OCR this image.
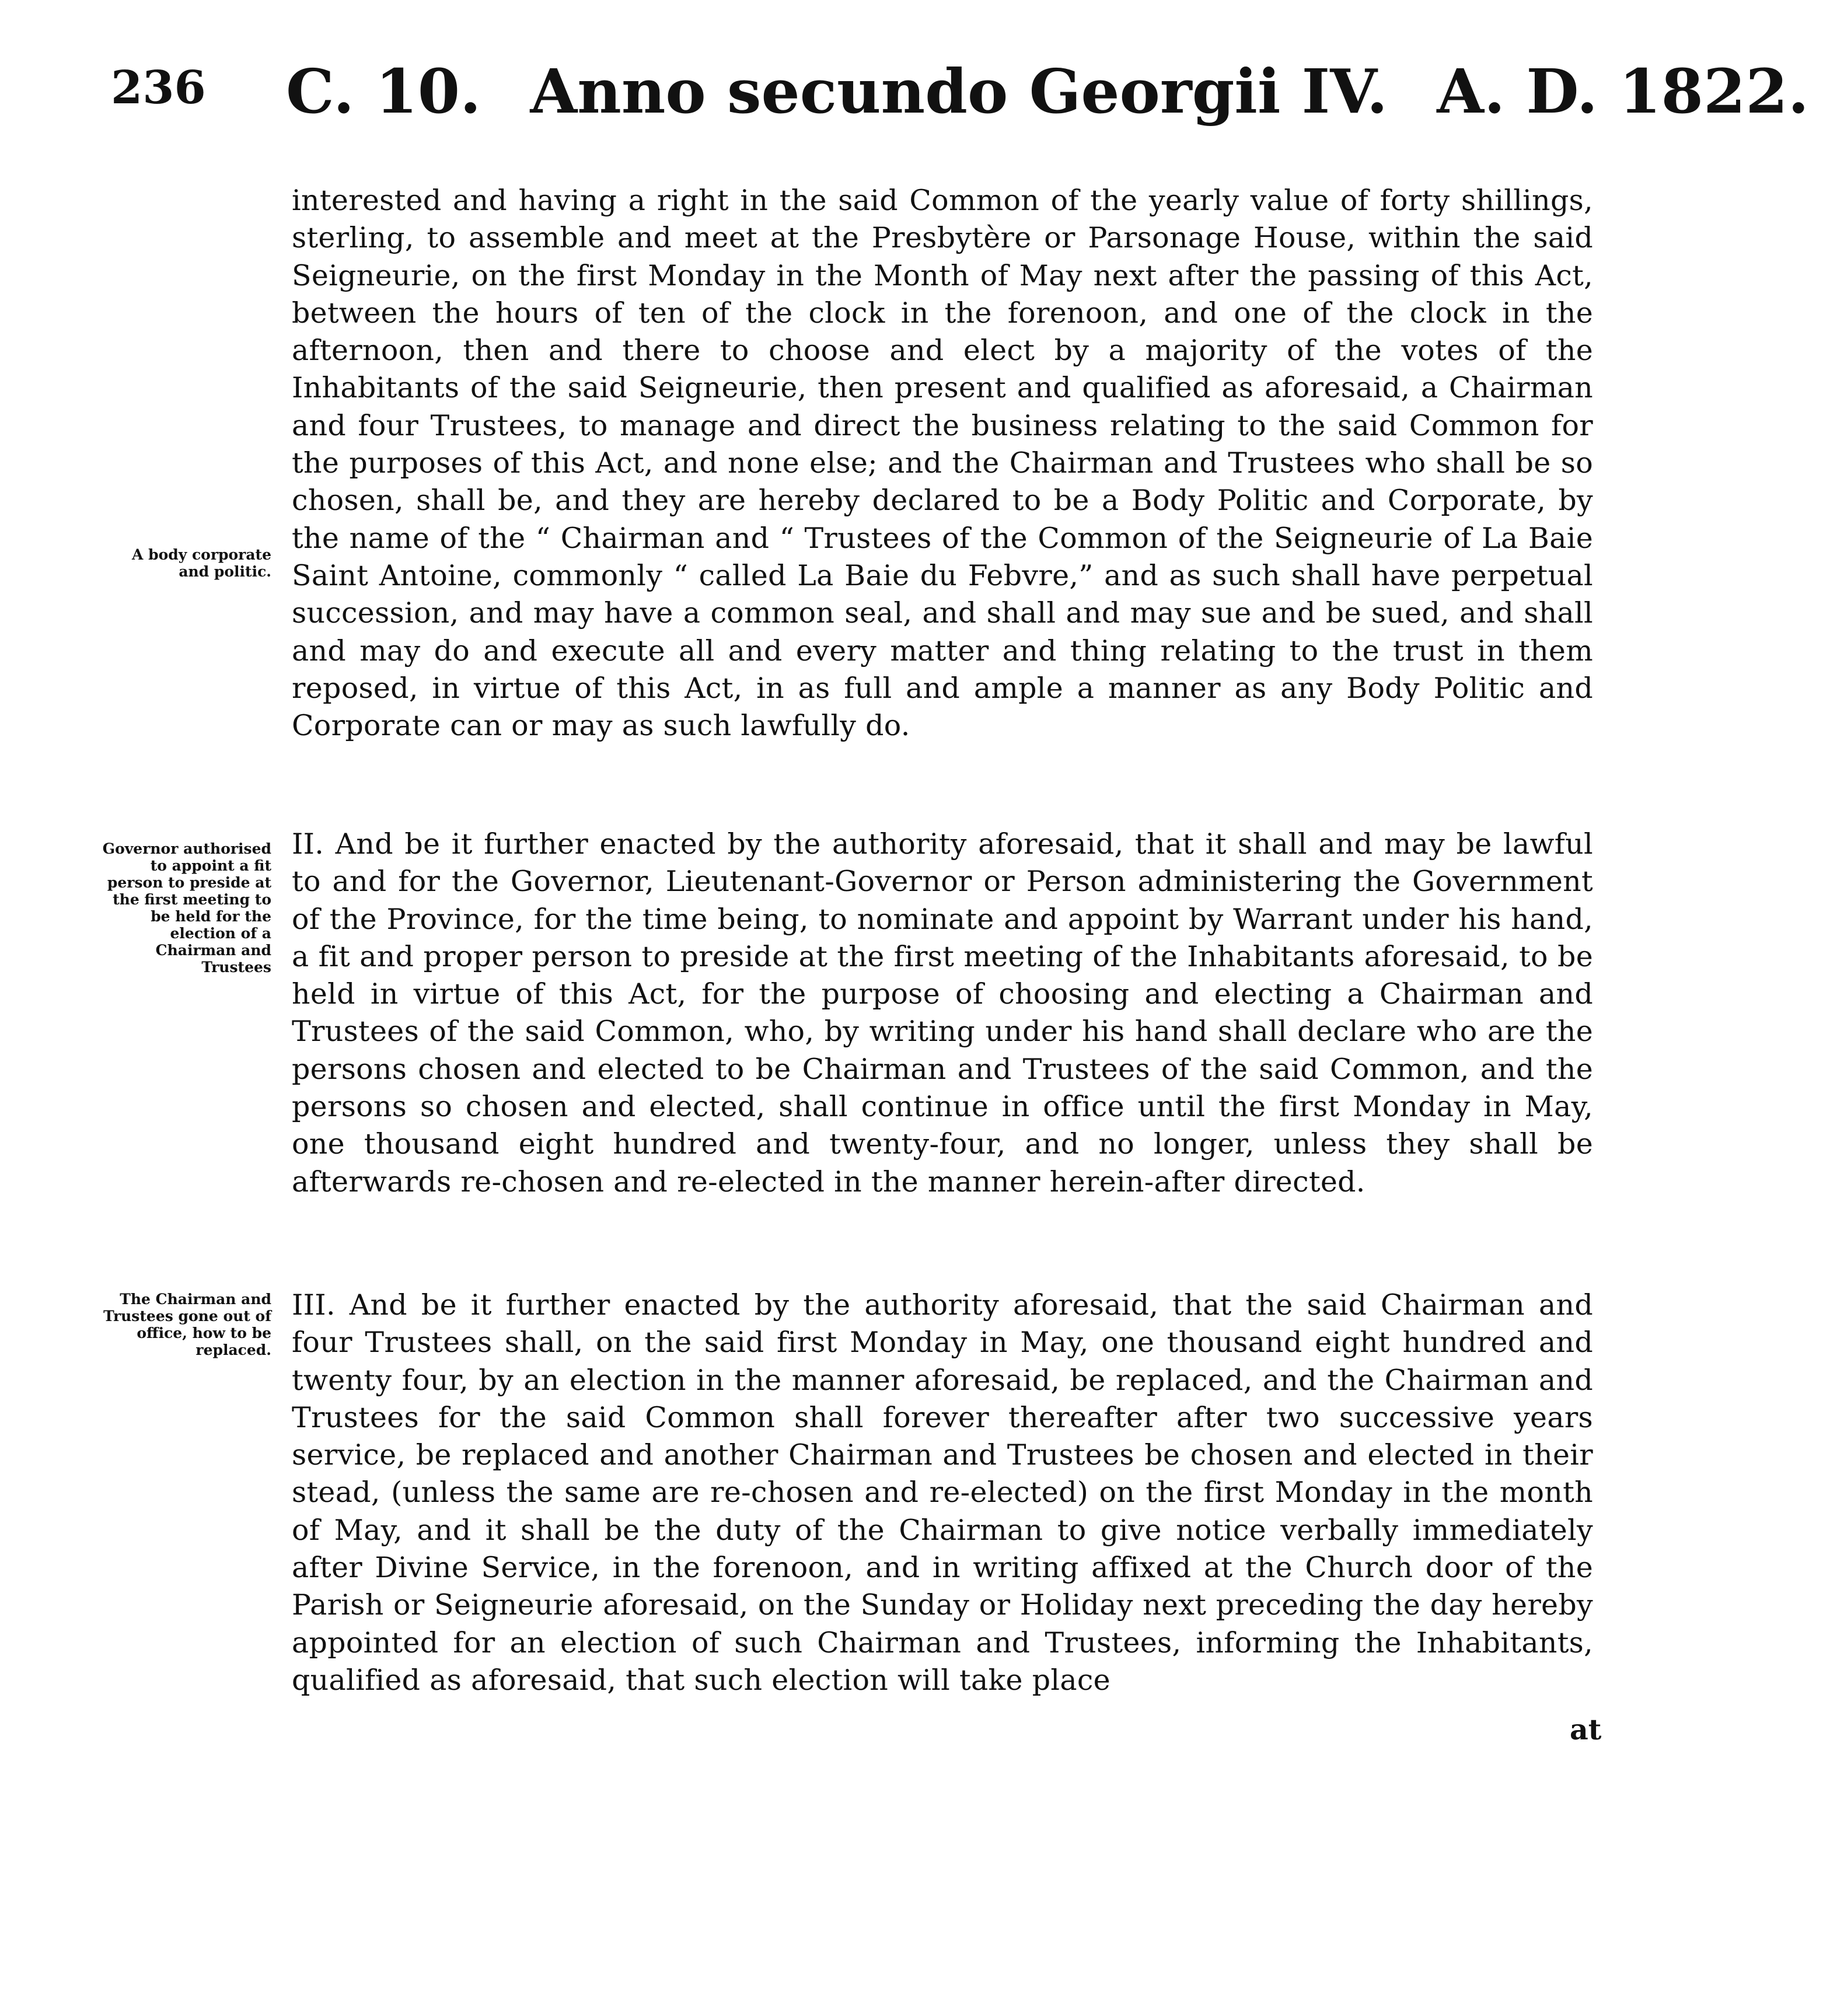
236 C. 10. Anno secundo Georgii IV. A. D. 1822.
A body corporate and politic.
interested and having a right in the said Common of the yearly value of forty shillings, sterling, to assemble and meet at the Presbytère or Parsonage House, within the said Seigneurie, on the first Monday in the Month of May next after the passing of this Act, between the hours of ten of the clock in the forenoon, and one of the clock in the afternoon, then and there to choose and elect by a majority of the votes of the Inhabitants of the said Seigneurie, then present and qualified as aforesaid, a Chairman and four Trustees, to manage and direct the business relating to the said Common for the purposes of this Act, and none else; and the Chairman and Trustees who shall be so chosen, shall be, and they are hereby declared to be a Body Politic and Corporate, by the name of the “ Chairman and “ Trustees of the Common of the Seigneurie of La Baie Saint Antoine, commonly “ called La Baie du Febvre,” and as such shall have perpetual succession, and may have a common seal, and shall and may sue and be sued, and shall and may do and execute all and every matter and thing relating to the trust in them reposed, in virtue of this Act, in as full and ample a manner as any Body Politic and Corporate can or may as such lawfully do.
Governor authorised to appoint a fit person to preside at the first meeting to be held for the election of a Chairman and Trustees
II. And be it further enacted by the authority aforesaid, that it shall and may be lawful to and for the Governor, Lieutenant-Governor or Person administering the Government of the Province, for the time being, to nominate and appoint by Warrant under his hand, a fit and proper person to preside at the first meeting of the Inhabitants aforesaid, to be held in virtue of this Act, for the purpose of choosing and electing a Chairman and Trustees of the said Common, who, by writing under his hand shall declare who are the persons chosen and elected to be Chairman and Trustees of the said Common, and the persons so chosen and elected, shall continue in office until the first Monday in May, one thousand eight hundred and twenty-four, and no longer, unless they shall be afterwards re-chosen and re-elected in the manner herein-after directed.
The Chairman and Trustees gone out of office, how to be replaced.
III. And be it further enacted by the authority aforesaid, that the said Chairman and four Trustees shall, on the said first Monday in May, one thousand eight hundred and twenty four, by an election in the manner aforesaid, be replaced, and the Chairman and Trustees for the said Common shall forever thereafter after two successive years service, be replaced and another Chairman and Trustees be chosen and elected in their stead, (unless the same are re-chosen and re-elected) on the first Monday in the month of May, and it shall be the duty of the Chairman to give notice verbally immediately after Divine Service, in the forenoon, and in writing affixed at the Church door of the Parish or Seigneurie aforesaid, on the Sunday or Holiday next preceding the day hereby appointed for an election of such Chairman and Trustees, informing the Inhabitants, qualified as aforesaid, that such election will take place
at
